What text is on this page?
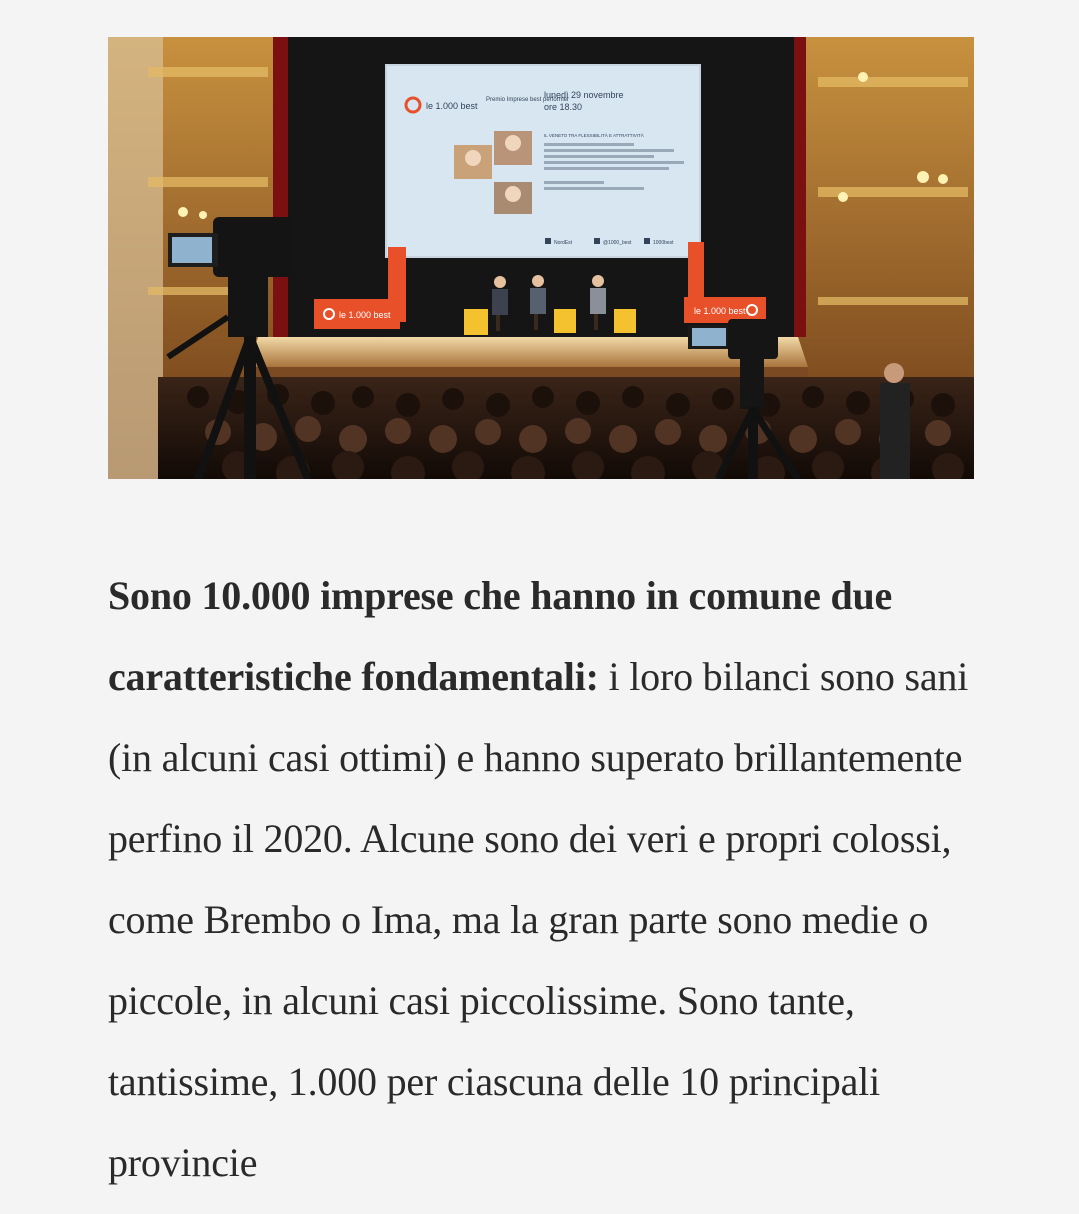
le 1.000 best
Premio Imprese best performer
lunedì 29 novembre
ore 18.30
IL VENETO TRA FLESSIBILITÀ E ATTRATTIVITÀ
NordEst	@1000_best	1000best
le 1.000 best	le 1.000 best

Sono 10.000 imprese che hanno in comune due caratteristiche fondamentali: i loro bilanci sono sani (in alcuni casi ottimi) e hanno superato brillantemente perfino il 2020. Alcune sono dei veri e propri colossi, come Brembo o Ima, ma la gran parte sono medie o piccole, in alcuni casi piccolissime. Sono tante, tantissime, 1.000 per ciascuna delle 10 principali provincie
